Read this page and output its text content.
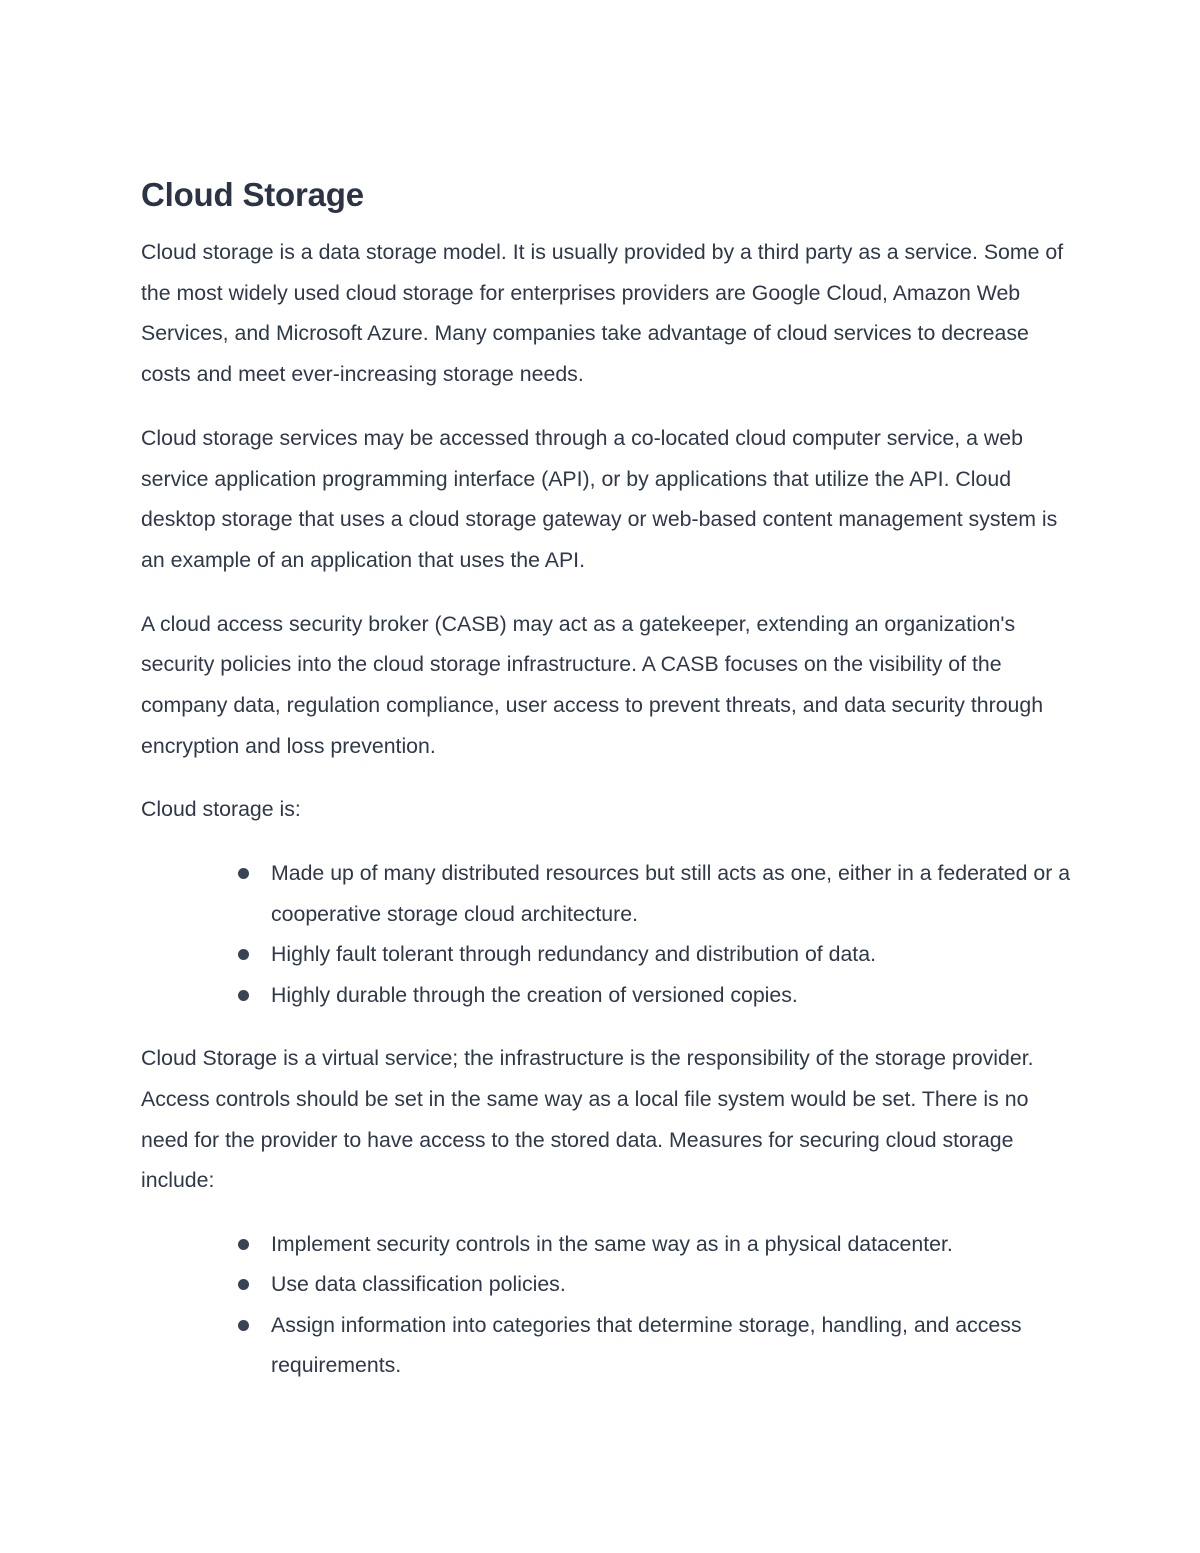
Cloud Storage

Cloud storage is a data storage model. It is usually provided by a third party as a service. Some of the most widely used cloud storage for enterprises providers are Google Cloud, Amazon Web Services, and Microsoft Azure. Many companies take advantage of cloud services to decrease costs and meet ever-increasing storage needs.

Cloud storage services may be accessed through a co-located cloud computer service, a web service application programming interface (API), or by applications that utilize the API. Cloud desktop storage that uses a cloud storage gateway or web-based content management system is an example of an application that uses the API.

A cloud access security broker (CASB) may act as a gatekeeper, extending an organization's security policies into the cloud storage infrastructure. A CASB focuses on the visibility of the company data, regulation compliance, user access to prevent threats, and data security through encryption and loss prevention.

Cloud storage is:

Made up of many distributed resources but still acts as one, either in a federated or a cooperative storage cloud architecture.
Highly fault tolerant through redundancy and distribution of data.
Highly durable through the creation of versioned copies.

Cloud Storage is a virtual service; the infrastructure is the responsibility of the storage provider. Access controls should be set in the same way as a local file system would be set. There is no need for the provider to have access to the stored data. Measures for securing cloud storage include:

Implement security controls in the same way as in a physical datacenter.
Use data classification policies.
Assign information into categories that determine storage, handling, and access requirements.
